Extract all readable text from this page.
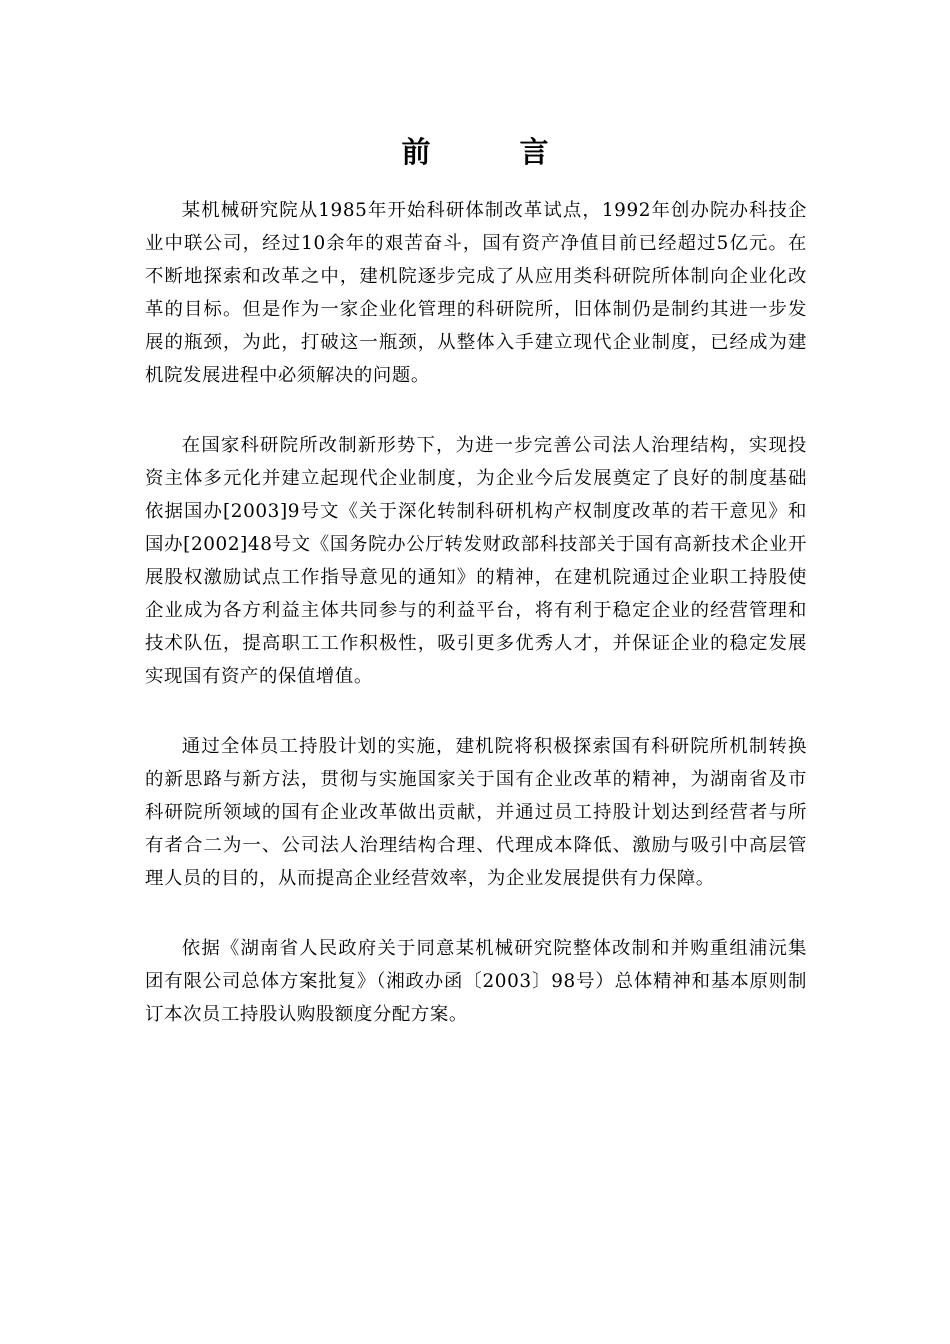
前　言

某机械研究院从1985年开始科研体制改革试点，1992年创办院办科技企业中联公司，经过10余年的艰苦奋斗，国有资产净值目前已经超过5亿元。在不断地探索和改革之中，建机院逐步完成了从应用类科研院所体制向企业化改革的目标。但是作为一家企业化管理的科研院所，旧体制仍是制约其进一步发展的瓶颈，为此，打破这一瓶颈，从整体入手建立现代企业制度，已经成为建机院发展进程中必须解决的问题。

在国家科研院所改制新形势下，为进一步完善公司法人治理结构，实现投资主体多元化并建立起现代企业制度，为企业今后发展奠定了良好的制度基础依据国办[2003]9号文《关于深化转制科研机构产权制度改革的若干意见》和国办[2002]48号文《国务院办公厅转发财政部科技部关于国有高新技术企业开展股权激励试点工作指导意见的通知》的精神，在建机院通过企业职工持股使企业成为各方利益主体共同参与的利益平台，将有利于稳定企业的经营管理和技术队伍，提高职工工作积极性，吸引更多优秀人才，并保证企业的稳定发展实现国有资产的保值增值。

通过全体员工持股计划的实施，建机院将积极探索国有科研院所机制转换的新思路与新方法，贯彻与实施国家关于国有企业改革的精神，为湖南省及市科研院所领域的国有企业改革做出贡献，并通过员工持股计划达到经营者与所有者合二为一、公司法人治理结构合理、代理成本降低、激励与吸引中高层管理人员的目的，从而提高企业经营效率，为企业发展提供有力保障。

依据《湖南省人民政府关于同意某机械研究院整体改制和并购重组浦沅集团有限公司总体方案批复》（湘政办函〔2003〕98号）总体精神和基本原则制订本次员工持股认购股额度分配方案。
